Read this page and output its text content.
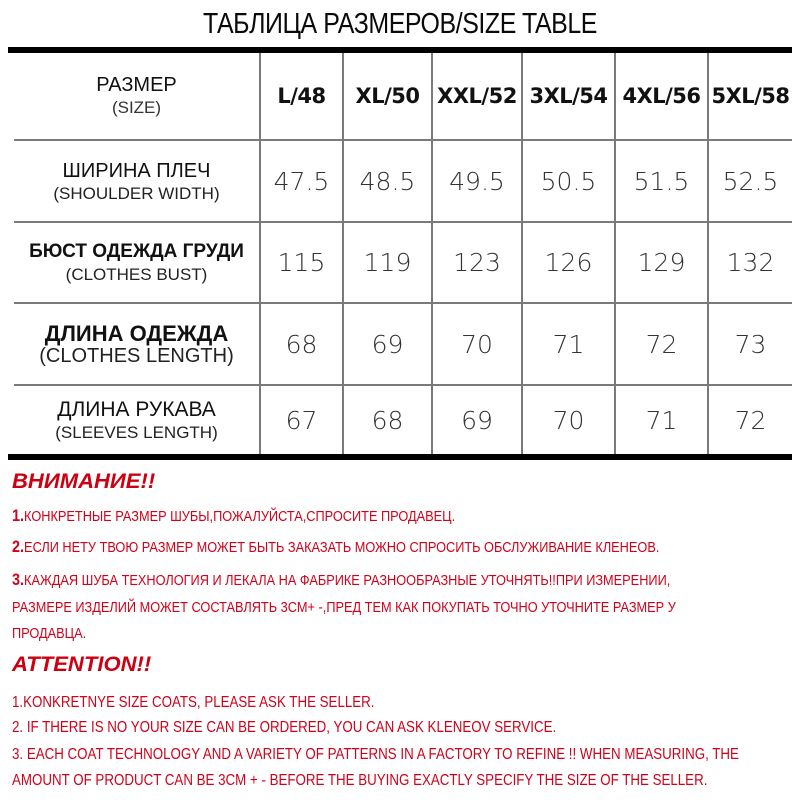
ТАБЛИЦА РАЗМЕРОВ/SIZE TABLE
РАЗМЕР
(SIZE)	L/48	XL/50 XXL/52 3XL/54 4XL/56 5XL/58
ШИРИНА ПЛЕЧ
(SHOULDER WIDTH)	47.5	48.5	49.5	50.5	51.5	52.5
БЮСТ ОДЕЖДА ГРУДИ
(CLOTHES BUST)	115	119	123	126	129	132
ДЛИНА ОДЕЖДА
(CLOTHES LENGTH)	68	69	70	71	72	73
ДЛИНА РУКАВА
(SLEEVES LENGTH)	67	68	69	70	71	72
ВНИМАНИЕ!!
1.КОНКРЕТНЫЕ РАЗМЕР ШУБЫ,ПОЖАЛУЙСТА,СПРОСИТЕ ПРОДАВЕЦ.
2.ЕСЛИ НЕТУ ТВОЮ РАЗМЕР МОЖЕТ БЫТЬ ЗАКАЗАТЬ МОЖНО СПРОСИТЬ ОБСЛУЖИВАНИЕ КЛЕНЕОВ.
3.КАЖДАЯ ШУБА ТЕХНОЛОГИЯ И ЛЕКАЛА НА ФАБРИКЕ РАЗНООБРАЗНЫЕ УТОЧНЯТЬ!!ПРИ ИЗМЕРЕНИИ,
РАЗМЕРЕ ИЗДЕЛИЙ МОЖЕТ СОСТАВЛЯТЬ 3CM+ -,ПРЕД ТЕМ КАК ПОКУПАТЬ ТОЧНО УТОЧНИТЕ РАЗМЕР У
ПРОДАВЦА.
ATTENTION!!
1.KONKRETNYE SIZE COATS, PLEASE ASK THE SELLER.
2. IF THERE IS NO YOUR SIZE CAN BE ORDERED, YOU CAN ASK KLENEOV SERVICE.
3. EACH COAT TECHNOLOGY AND A VARIETY OF PATTERNS IN A FACTORY TO REFINE !! WHEN MEASURING, THE
AMOUNT OF PRODUCT CAN BE 3CM + - BEFORE THE BUYING EXACTLY SPECIFY THE SIZE OF THE SELLER.
